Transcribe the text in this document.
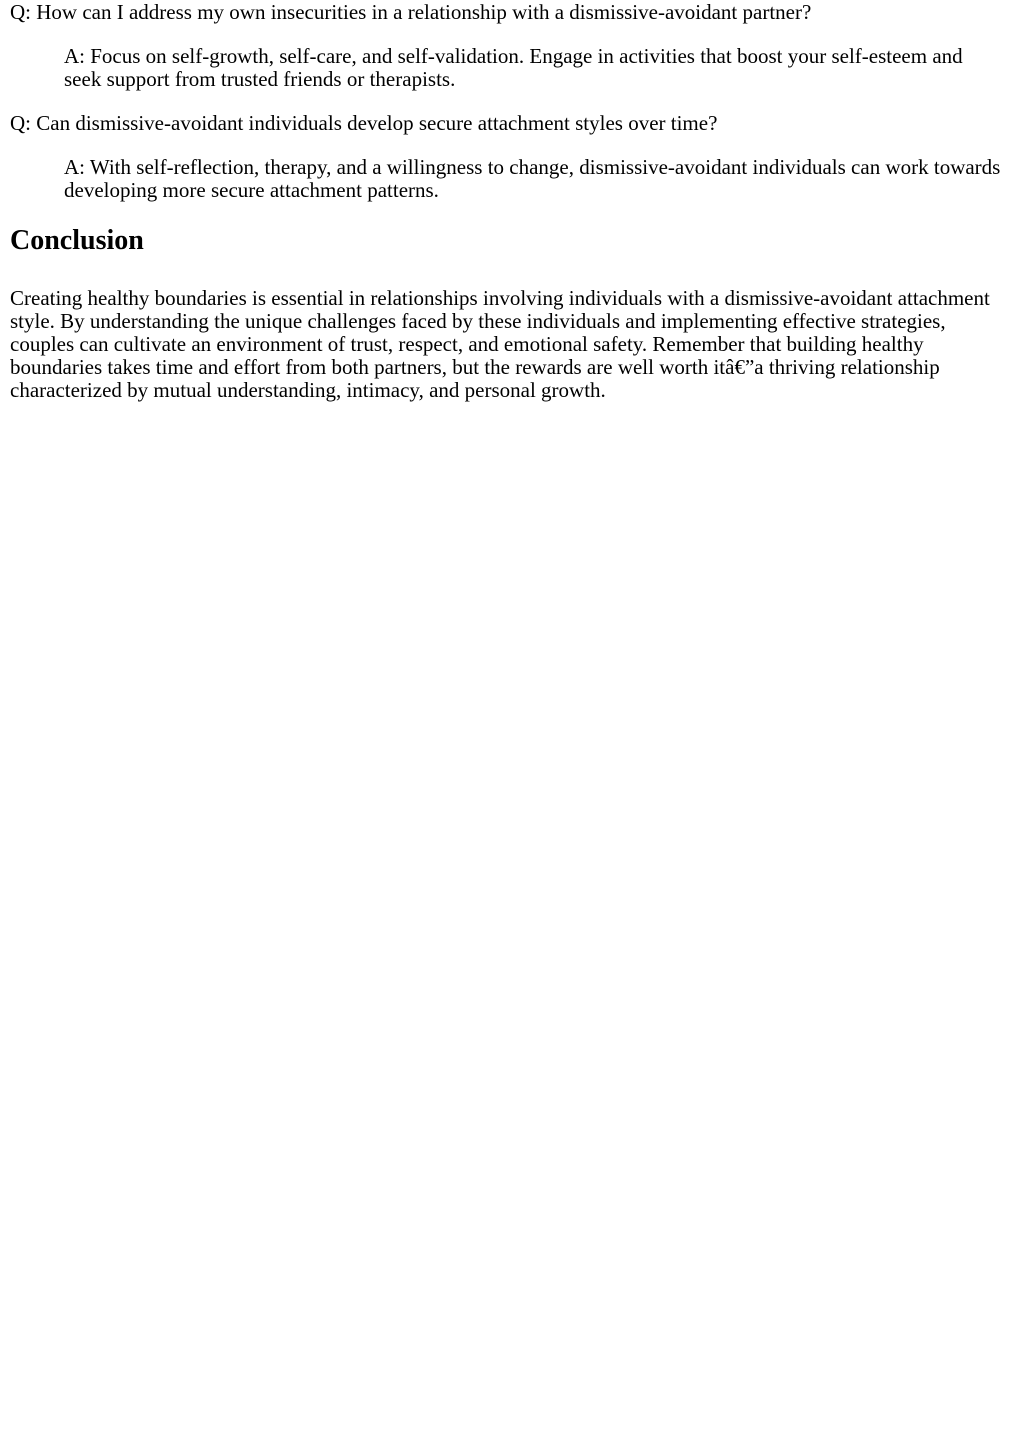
Q: How can I address my own insecurities in a relationship with a dismissive-avoidant partner?

A: Focus on self-growth, self-care, and self-validation. Engage in activities that boost your self-esteem and seek support from trusted friends or therapists.

Q: Can dismissive-avoidant individuals develop secure attachment styles over time?

A: With self-reflection, therapy, and a willingness to change, dismissive-avoidant individuals can work towards developing more secure attachment patterns.

Conclusion

Creating healthy boundaries is essential in relationships involving individuals with a dismissive-avoidant attachment style. By understanding the unique challenges faced by these individuals and implementing effective strategies, couples can cultivate an environment of trust, respect, and emotional safety. Remember that building healthy boundaries takes time and effort from both partners, but the rewards are well worth itâ€”a thriving relationship characterized by mutual understanding, intimacy, and personal growth.
